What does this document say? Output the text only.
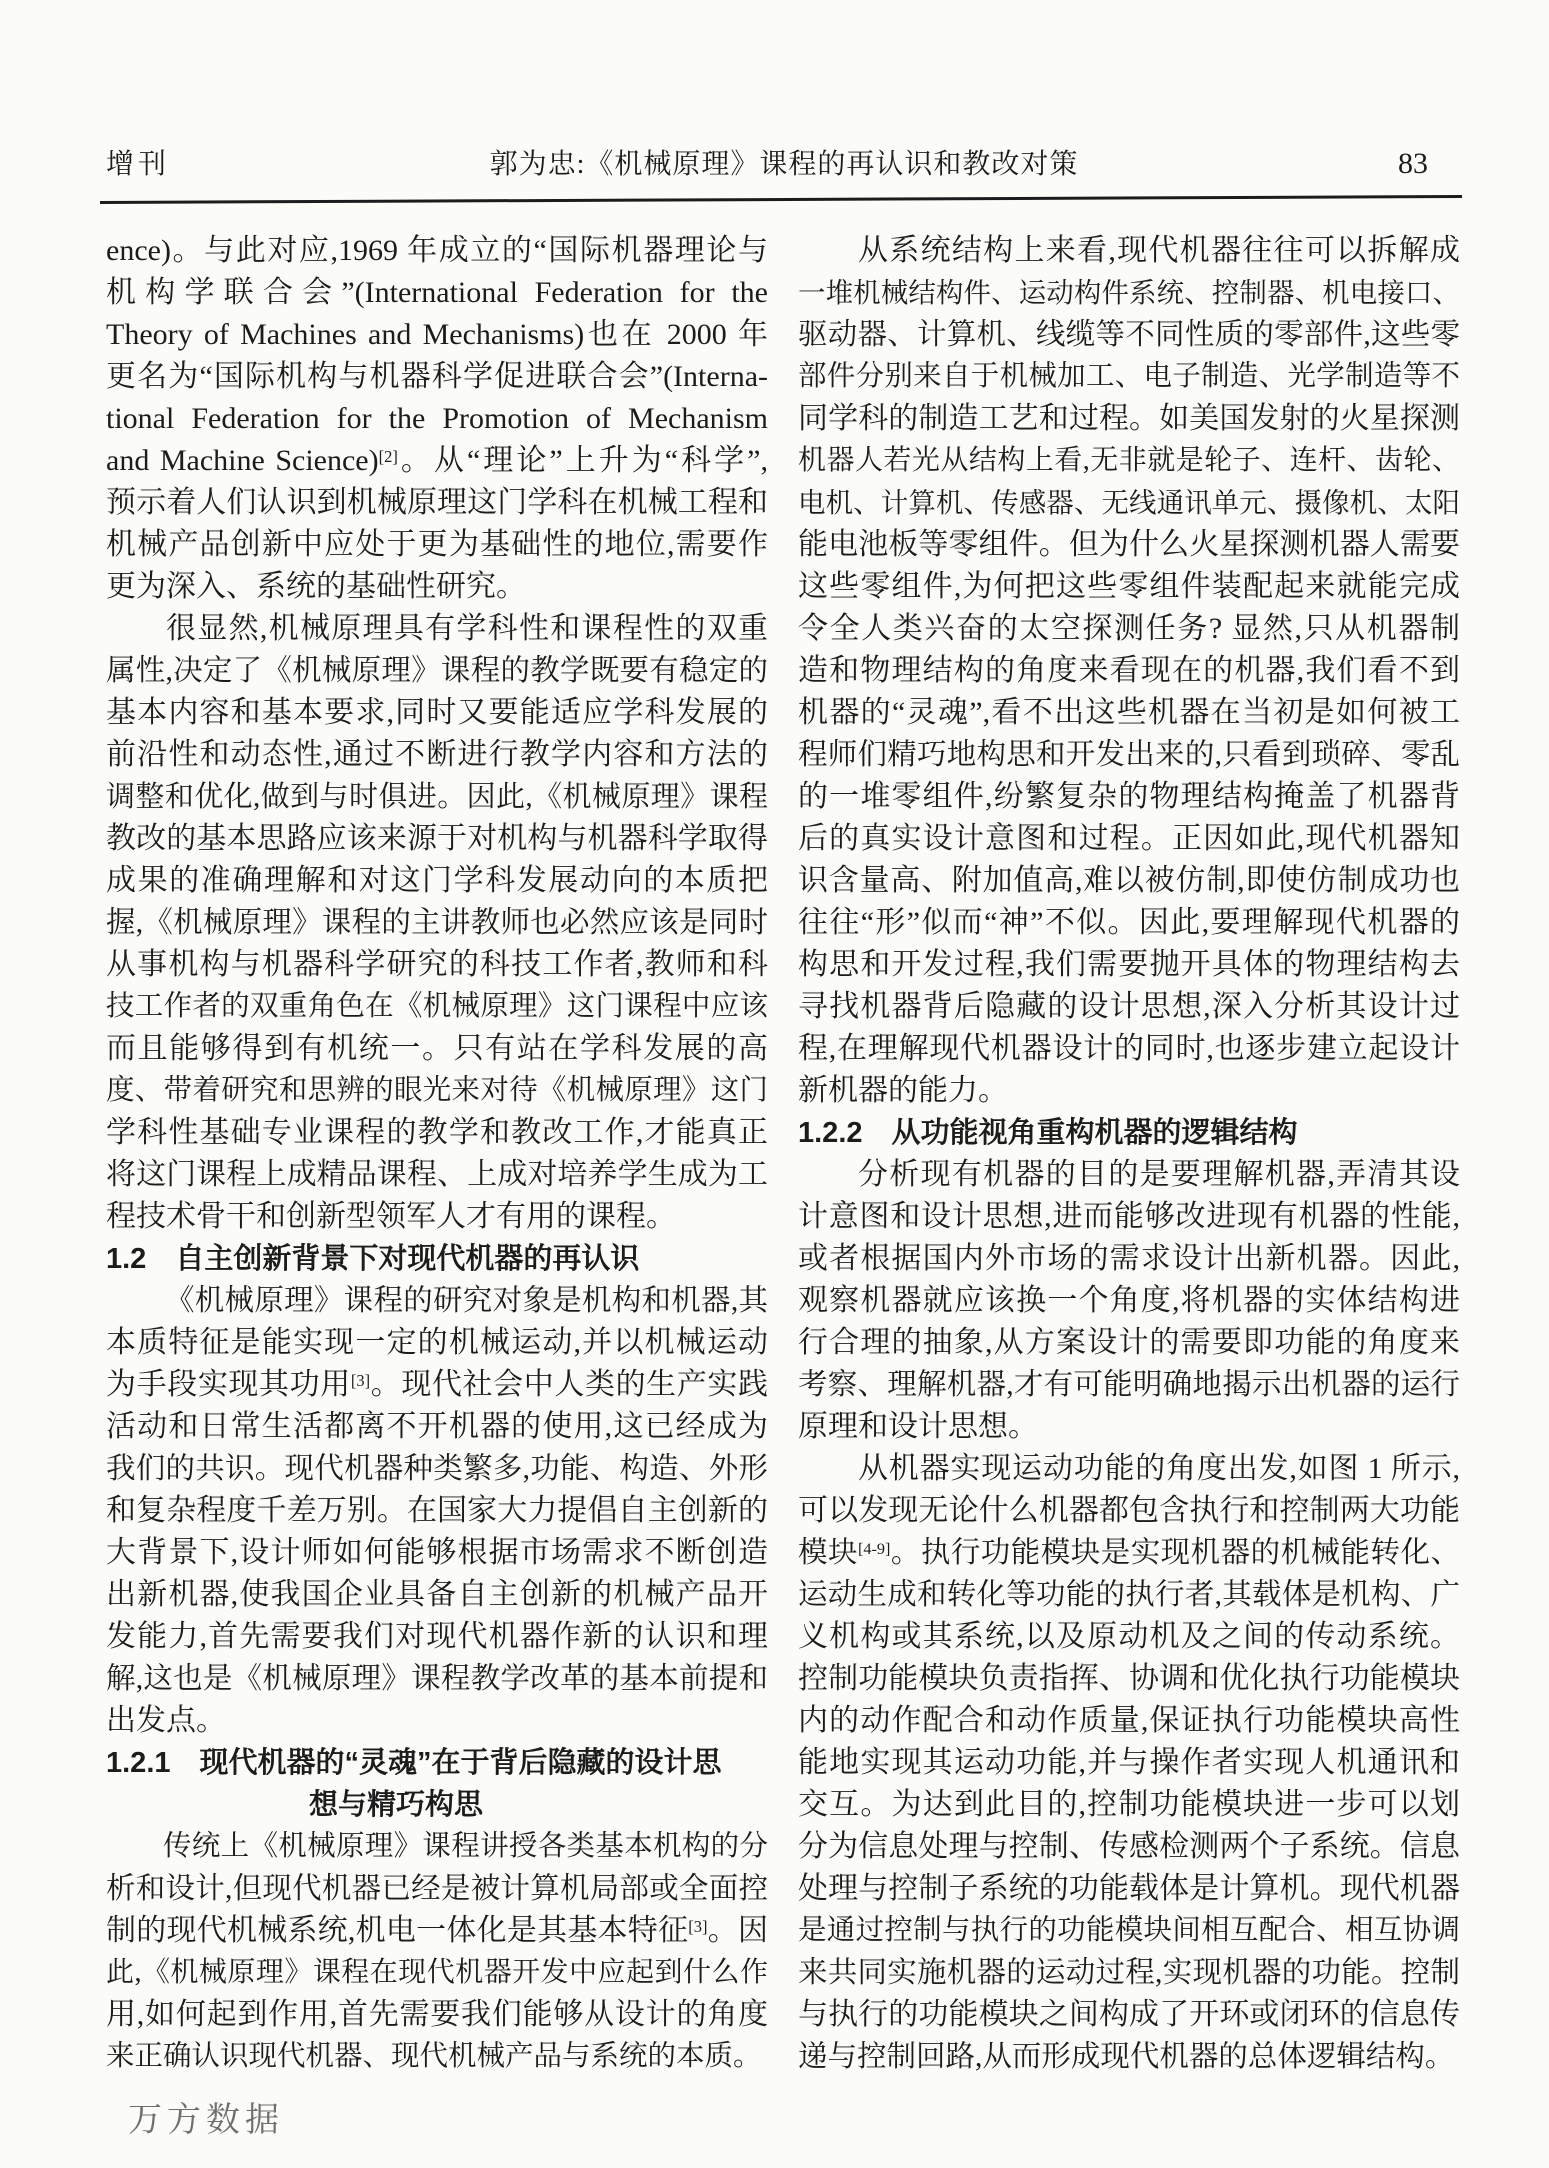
增刊	郭为忠:《机械原理》课程的再认识和教改对策	83
ence)。与此对应,1969 年成立的“国际机器理论与
机构学联合会”(International Federation for the
Theory of Machines and Mechanisms)也在 2000 年
更名为“国际机构与机器科学促进联合会”(Interna-
tional Federation for the Promotion of Mechanism
and Machine Science)[2]。从“理论”上升为“科学”,
预示着人们认识到机械原理这门学科在机械工程和
机械产品创新中应处于更为基础性的地位,需要作
更为深入、系统的基础性研究。
很显然,机械原理具有学科性和课程性的双重
属性,决定了《机械原理》课程的教学既要有稳定的
基本内容和基本要求,同时又要能适应学科发展的
前沿性和动态性,通过不断进行教学内容和方法的
调整和优化,做到与时俱进。因此,《机械原理》课程
教改的基本思路应该来源于对机构与机器科学取得
成果的准确理解和对这门学科发展动向的本质把
握,《机械原理》课程的主讲教师也必然应该是同时
从事机构与机器科学研究的科技工作者,教师和科
技工作者的双重角色在《机械原理》这门课程中应该
而且能够得到有机统一。只有站在学科发展的高
度、带着研究和思辨的眼光来对待《机械原理》这门
学科性基础专业课程的教学和教改工作,才能真正
将这门课程上成精品课程、上成对培养学生成为工
程技术骨干和创新型领军人才有用的课程。
1.2　自主创新背景下对现代机器的再认识
《机械原理》课程的研究对象是机构和机器,其
本质特征是能实现一定的机械运动,并以机械运动
为手段实现其功用[3]。现代社会中人类的生产实践
活动和日常生活都离不开机器的使用,这已经成为
我们的共识。现代机器种类繁多,功能、构造、外形
和复杂程度千差万别。在国家大力提倡自主创新的
大背景下,设计师如何能够根据市场需求不断创造
出新机器,使我国企业具备自主创新的机械产品开
发能力,首先需要我们对现代机器作新的认识和理
解,这也是《机械原理》课程教学改革的基本前提和
出发点。
1.2.1　现代机器的“灵魂”在于背后隐藏的设计思
想与精巧构思
传统上《机械原理》课程讲授各类基本机构的分
析和设计,但现代机器已经是被计算机局部或全面控
制的现代机械系统,机电一体化是其基本特征[3]。因
此,《机械原理》课程在现代机器开发中应起到什么作
用,如何起到作用,首先需要我们能够从设计的角度
来正确认识现代机器、现代机械产品与系统的本质。
从系统结构上来看,现代机器往往可以拆解成
一堆机械结构件、运动构件系统、控制器、机电接口、
驱动器、计算机、线缆等不同性质的零部件,这些零
部件分别来自于机械加工、电子制造、光学制造等不
同学科的制造工艺和过程。如美国发射的火星探测
机器人若光从结构上看,无非就是轮子、连杆、齿轮、
电机、计算机、传感器、无线通讯单元、摄像机、太阳
能电池板等零组件。但为什么火星探测机器人需要
这些零组件,为何把这些零组件装配起来就能完成
令全人类兴奋的太空探测任务? 显然,只从机器制
造和物理结构的角度来看现在的机器,我们看不到
机器的“灵魂”,看不出这些机器在当初是如何被工
程师们精巧地构思和开发出来的,只看到琐碎、零乱
的一堆零组件,纷繁复杂的物理结构掩盖了机器背
后的真实设计意图和过程。正因如此,现代机器知
识含量高、附加值高,难以被仿制,即使仿制成功也
往往“形”似而“神”不似。因此,要理解现代机器的
构思和开发过程,我们需要抛开具体的物理结构去
寻找机器背后隐藏的设计思想,深入分析其设计过
程,在理解现代机器设计的同时,也逐步建立起设计
新机器的能力。
1.2.2　从功能视角重构机器的逻辑结构
分析现有机器的目的是要理解机器,弄清其设
计意图和设计思想,进而能够改进现有机器的性能,
或者根据国内外市场的需求设计出新机器。因此,
观察机器就应该换一个角度,将机器的实体结构进
行合理的抽象,从方案设计的需要即功能的角度来
考察、理解机器,才有可能明确地揭示出机器的运行
原理和设计思想。
从机器实现运动功能的角度出发,如图 1 所示,
可以发现无论什么机器都包含执行和控制两大功能
模块[4-9]。执行功能模块是实现机器的机械能转化、
运动生成和转化等功能的执行者,其载体是机构、广
义机构或其系统,以及原动机及之间的传动系统。
控制功能模块负责指挥、协调和优化执行功能模块
内的动作配合和动作质量,保证执行功能模块高性
能地实现其运动功能,并与操作者实现人机通讯和
交互。为达到此目的,控制功能模块进一步可以划
分为信息处理与控制、传感检测两个子系统。信息
处理与控制子系统的功能载体是计算机。现代机器
是通过控制与执行的功能模块间相互配合、相互协调
来共同实施机器的运动过程,实现机器的功能。控制
与执行的功能模块之间构成了开环或闭环的信息传
递与控制回路,从而形成现代机器的总体逻辑结构。
万方数据
